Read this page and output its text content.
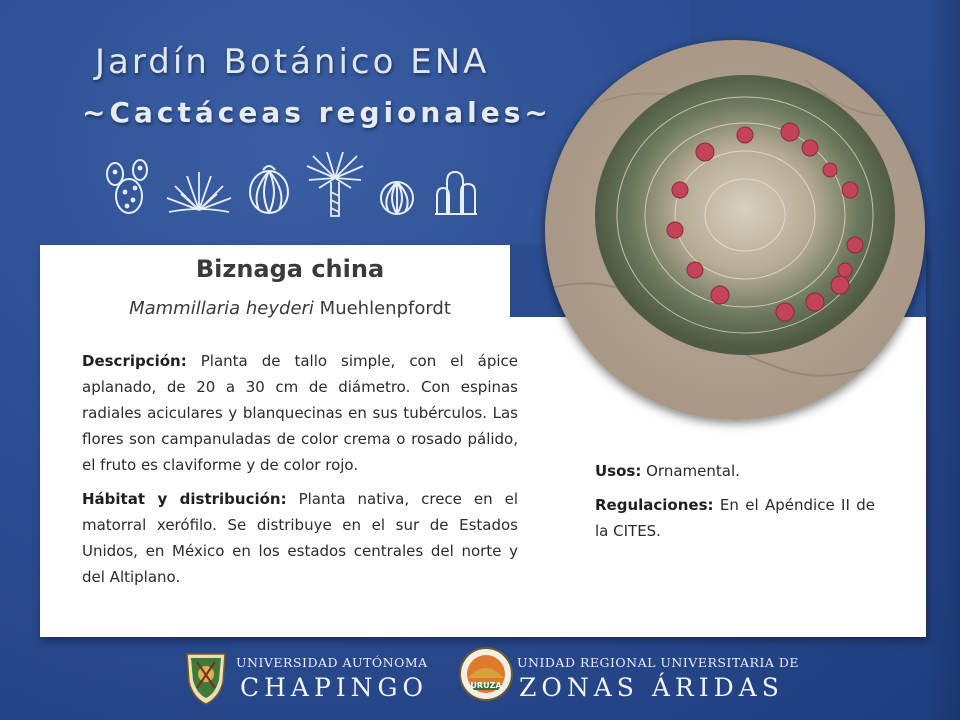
Jardín Botánico ENA
~Cactáceas regionales~
Biznaga china
Mammillaria heyderi Muehlenpfordt
Descripción: Planta de tallo simple, con el ápice aplanado, de 20 a 30 cm de diámetro. Con espinas radiales aciculares y blanquecinas en sus tubérculos. Las flores son campanuladas de color crema o rosado pálido, el fruto es claviforme y de color rojo.
Hábitat y distribución: Planta nativa, crece en el matorral xerófilo. Se distribuye en el sur de Estados Unidos, en México en los estados centrales del norte y del Altiplano.
Usos: Ornamental.
Regulaciones: En el Apéndice II de la CITES.
UNIVERSIDAD AUTÓNOMA
CHAPINGO	URUZA
UNIDAD REGIONAL UNIVERSITARIA DE
ZONAS ÁRIDAS
